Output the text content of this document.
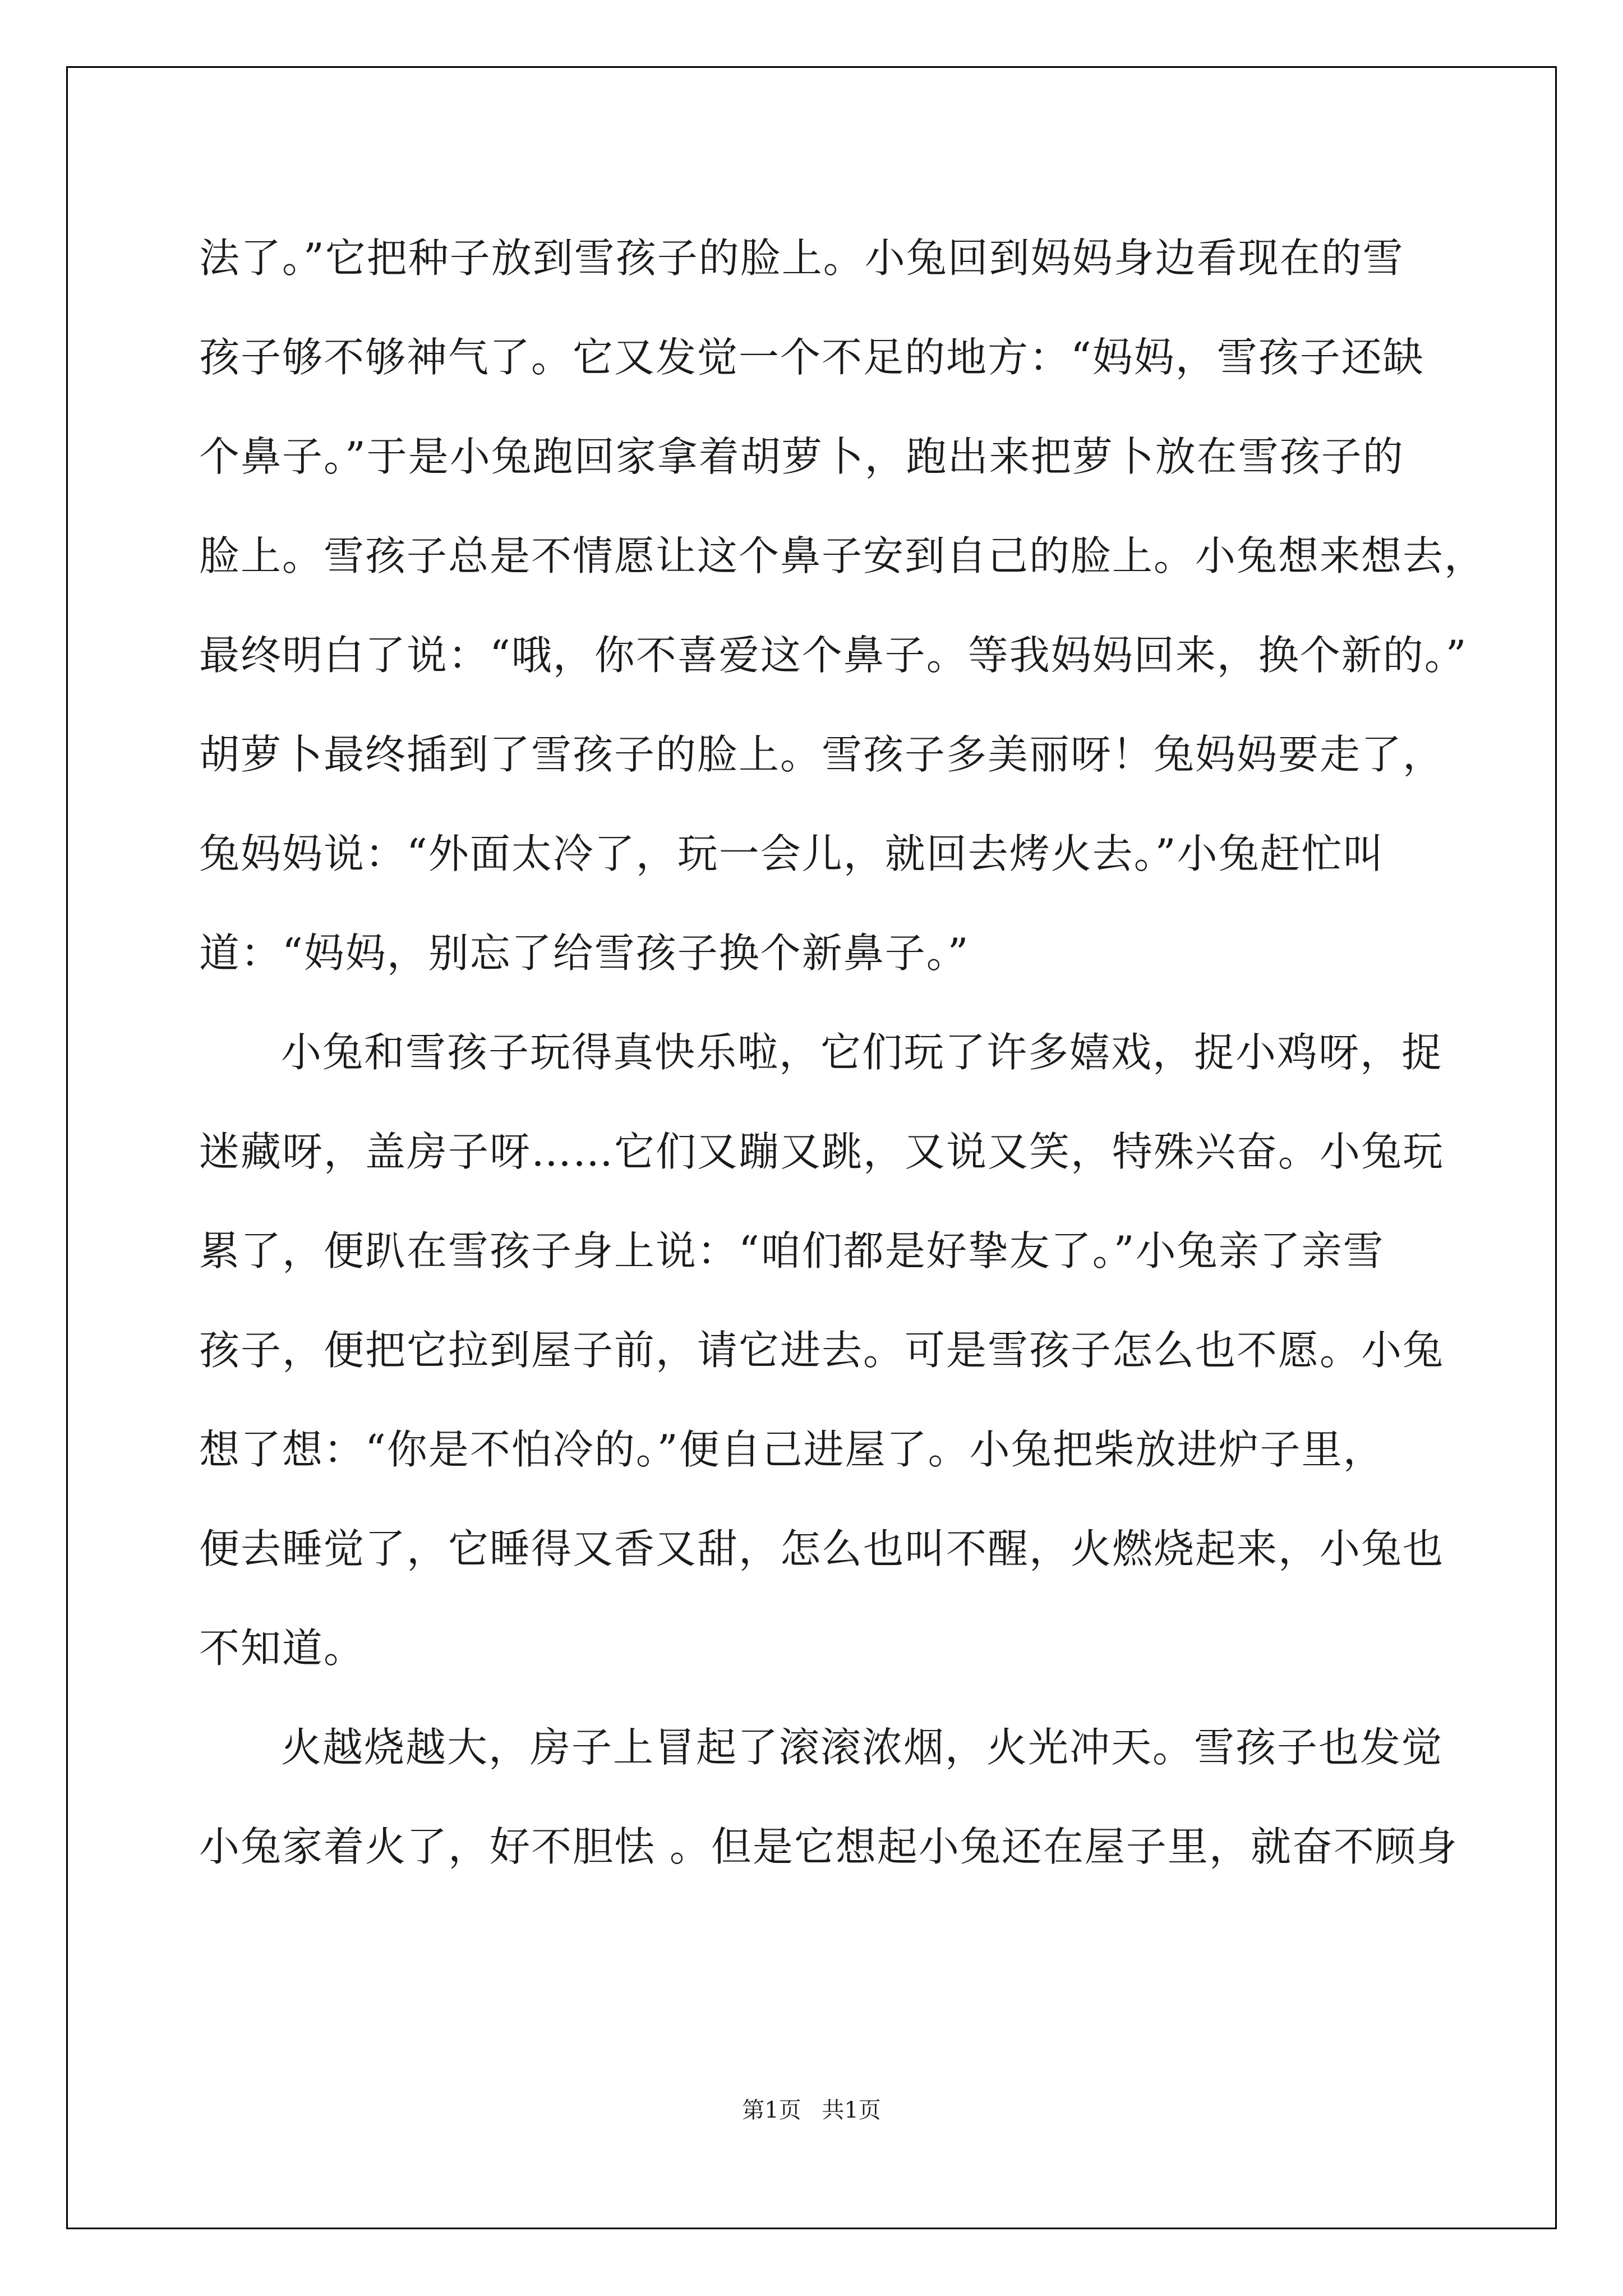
法了。”它把种子放到雪孩子的脸上。小兔回到妈妈身边看现在的雪
孩子够不够神气了。它又发觉一个不足的地方：“妈妈，雪孩子还缺
个鼻子。”于是小兔跑回家拿着胡萝卜，跑出来把萝卜放在雪孩子的
脸上。雪孩子总是不情愿让这个鼻子安到自己的脸上。小兔想来想去，
最终明白了说：“哦，你不喜爱这个鼻子。等我妈妈回来，换个新的。”
胡萝卜最终插到了雪孩子的脸上。雪孩子多美丽呀！兔妈妈要走了，
兔妈妈说：“外面太冷了，玩一会儿，就回去烤火去。”小兔赶忙叫
道：“妈妈，别忘了给雪孩子换个新鼻子。”
小兔和雪孩子玩得真快乐啦，它们玩了许多嬉戏，捉小鸡呀，捉
迷藏呀，盖房子呀……它们又蹦又跳，又说又笑，特殊兴奋。小兔玩
累了，便趴在雪孩子身上说：“咱们都是好挚友了。”小兔亲了亲雪
孩子，便把它拉到屋子前，请它进去。可是雪孩子怎么也不愿。小兔
想了想：“你是不怕冷的。”便自己进屋了。小兔把柴放进炉子里，
便去睡觉了，它睡得又香又甜，怎么也叫不醒，火燃烧起来，小兔也
不知道。
火越烧越大，房子上冒起了滚滚浓烟，火光冲天。雪孩子也发觉
小兔家着火了，好不胆怯 。但是它想起小兔还在屋子里，就奋不顾身
第1页 共1页
